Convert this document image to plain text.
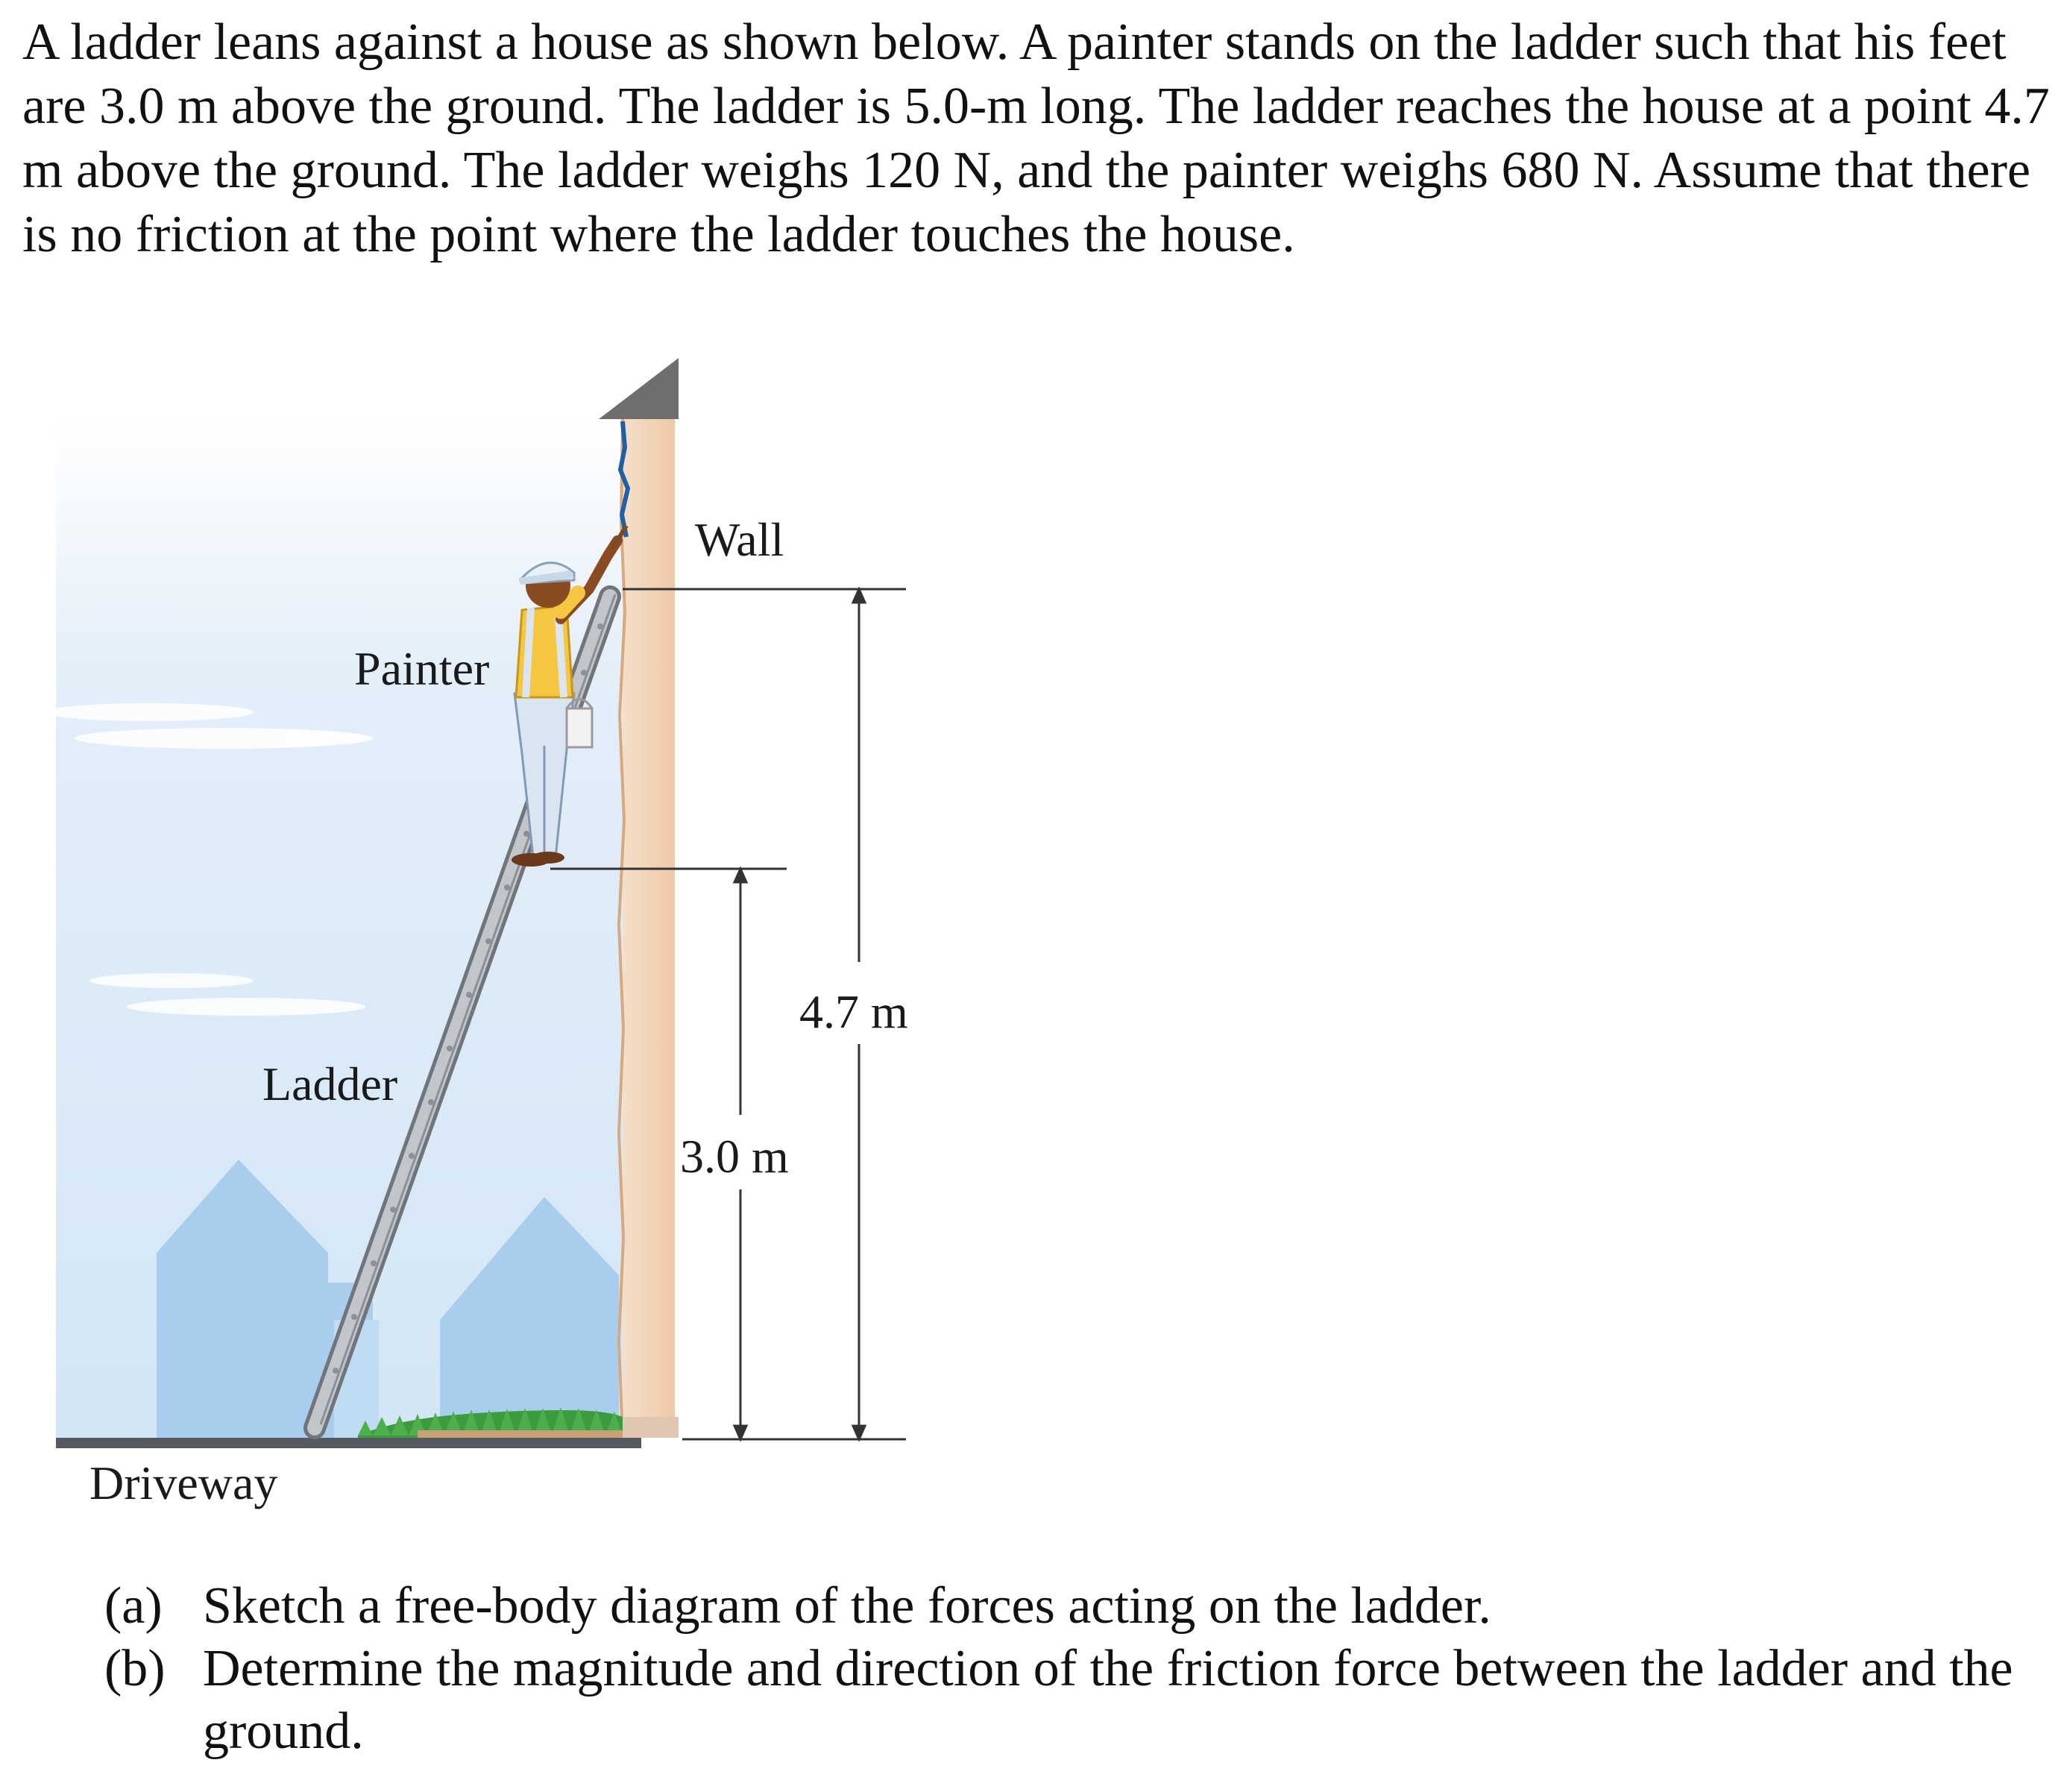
A ladder leans against a house as shown below. A painter stands on the ladder such that his feet are 3.0 m above the ground. The ladder is 5.0-m long. The ladder reaches the house at a point 4.7 m above the ground. The ladder weighs 120 N, and the painter weighs 680 N. Assume that there is no friction at the point where the ladder touches the house.

Wall
Painter
Ladder
Driveway
4.7 m
3.0 m
(a) Sketch a free-body diagram of the forces acting on the ladder.
(b) Determine the magnitude and direction of the friction force between the ladder and the ground.
